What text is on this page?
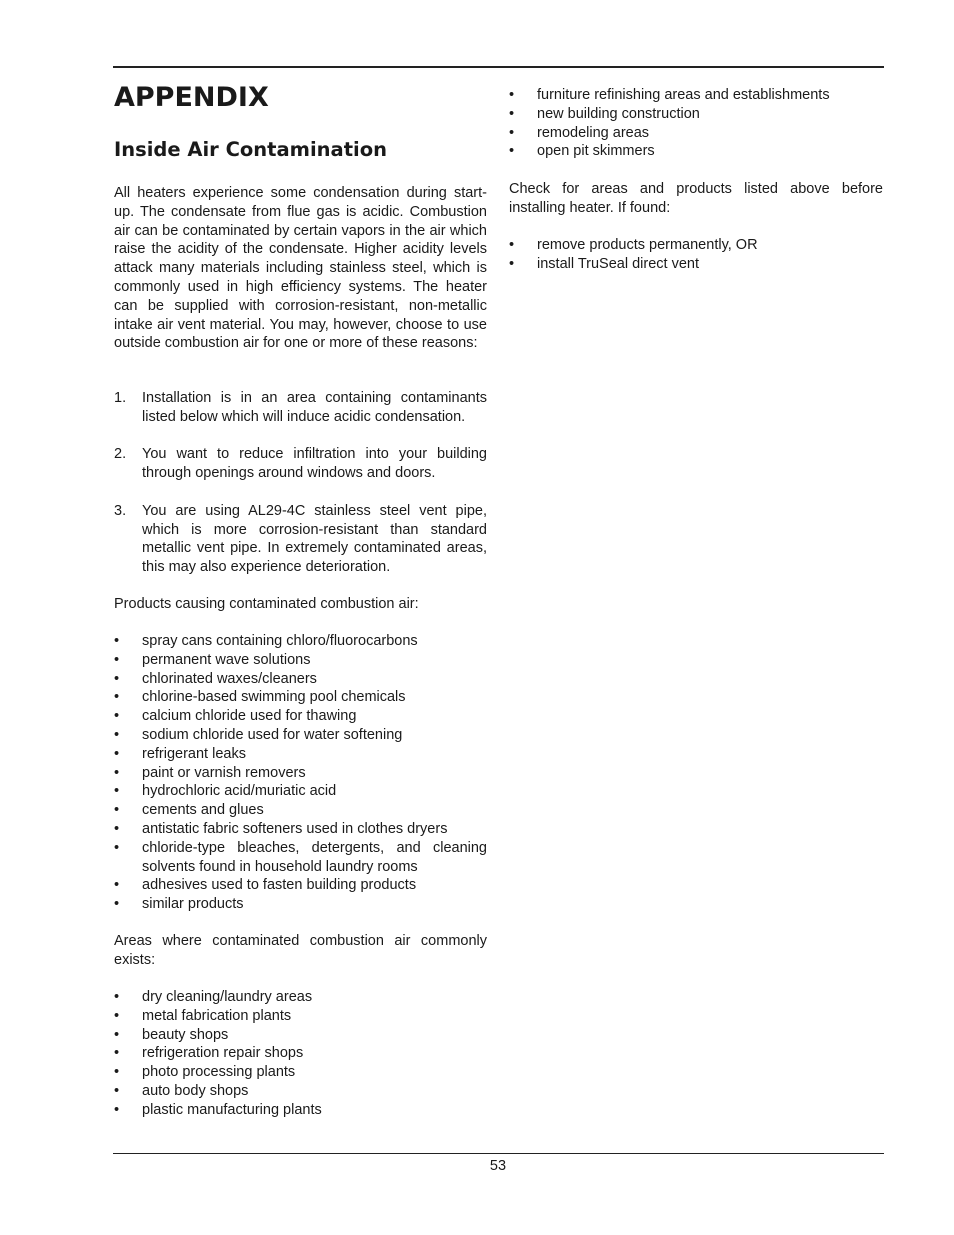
APPENDIX
Inside Air Contamination

All heaters experience some condensation during start-up. The condensate from flue gas is acidic. Combustion air can be contaminated by certain vapors in the air which raise the acidity of the condensate. Higher acidity levels attack many materials including stainless steel, which is commonly used in high efficiency systems. The heater can be supplied with corrosion-resistant, non-metallic intake air vent material. You may, however, choose to use outside combustion air for one or more of these reasons:

1. Installation is in an area containing contaminants listed below which will induce acidic condensation.
2. You want to reduce infiltration into your building through openings around windows and doors.
3. You are using AL29-4C stainless steel vent pipe, which is more corrosion-resistant than standard metallic vent pipe. In extremely contaminated areas, this may also experience deterioration.

Products causing contaminated combustion air:

• spray cans containing chloro/fluorocarbons
• permanent wave solutions
• chlorinated waxes/cleaners
• chlorine-based swimming pool chemicals
• calcium chloride used for thawing
• sodium chloride used for water softening
• refrigerant leaks
• paint or varnish removers
• hydrochloric acid/muriatic acid
• cements and glues
• antistatic fabric softeners used in clothes dryers
• chloride-type bleaches, detergents, and cleaning solvents found in household laundry rooms
• adhesives used to fasten building products
• similar products

Areas where contaminated combustion air commonly exists:

• dry cleaning/laundry areas
• metal fabrication plants
• beauty shops
• refrigeration repair shops
• photo processing plants
• auto body shops
• plastic manufacturing plants
• furniture refinishing areas and establishments
• new building construction
• remodeling areas
• open pit skimmers

Check for areas and products listed above before installing heater. If found:

• remove products permanently, OR
• install TruSeal direct vent
53
